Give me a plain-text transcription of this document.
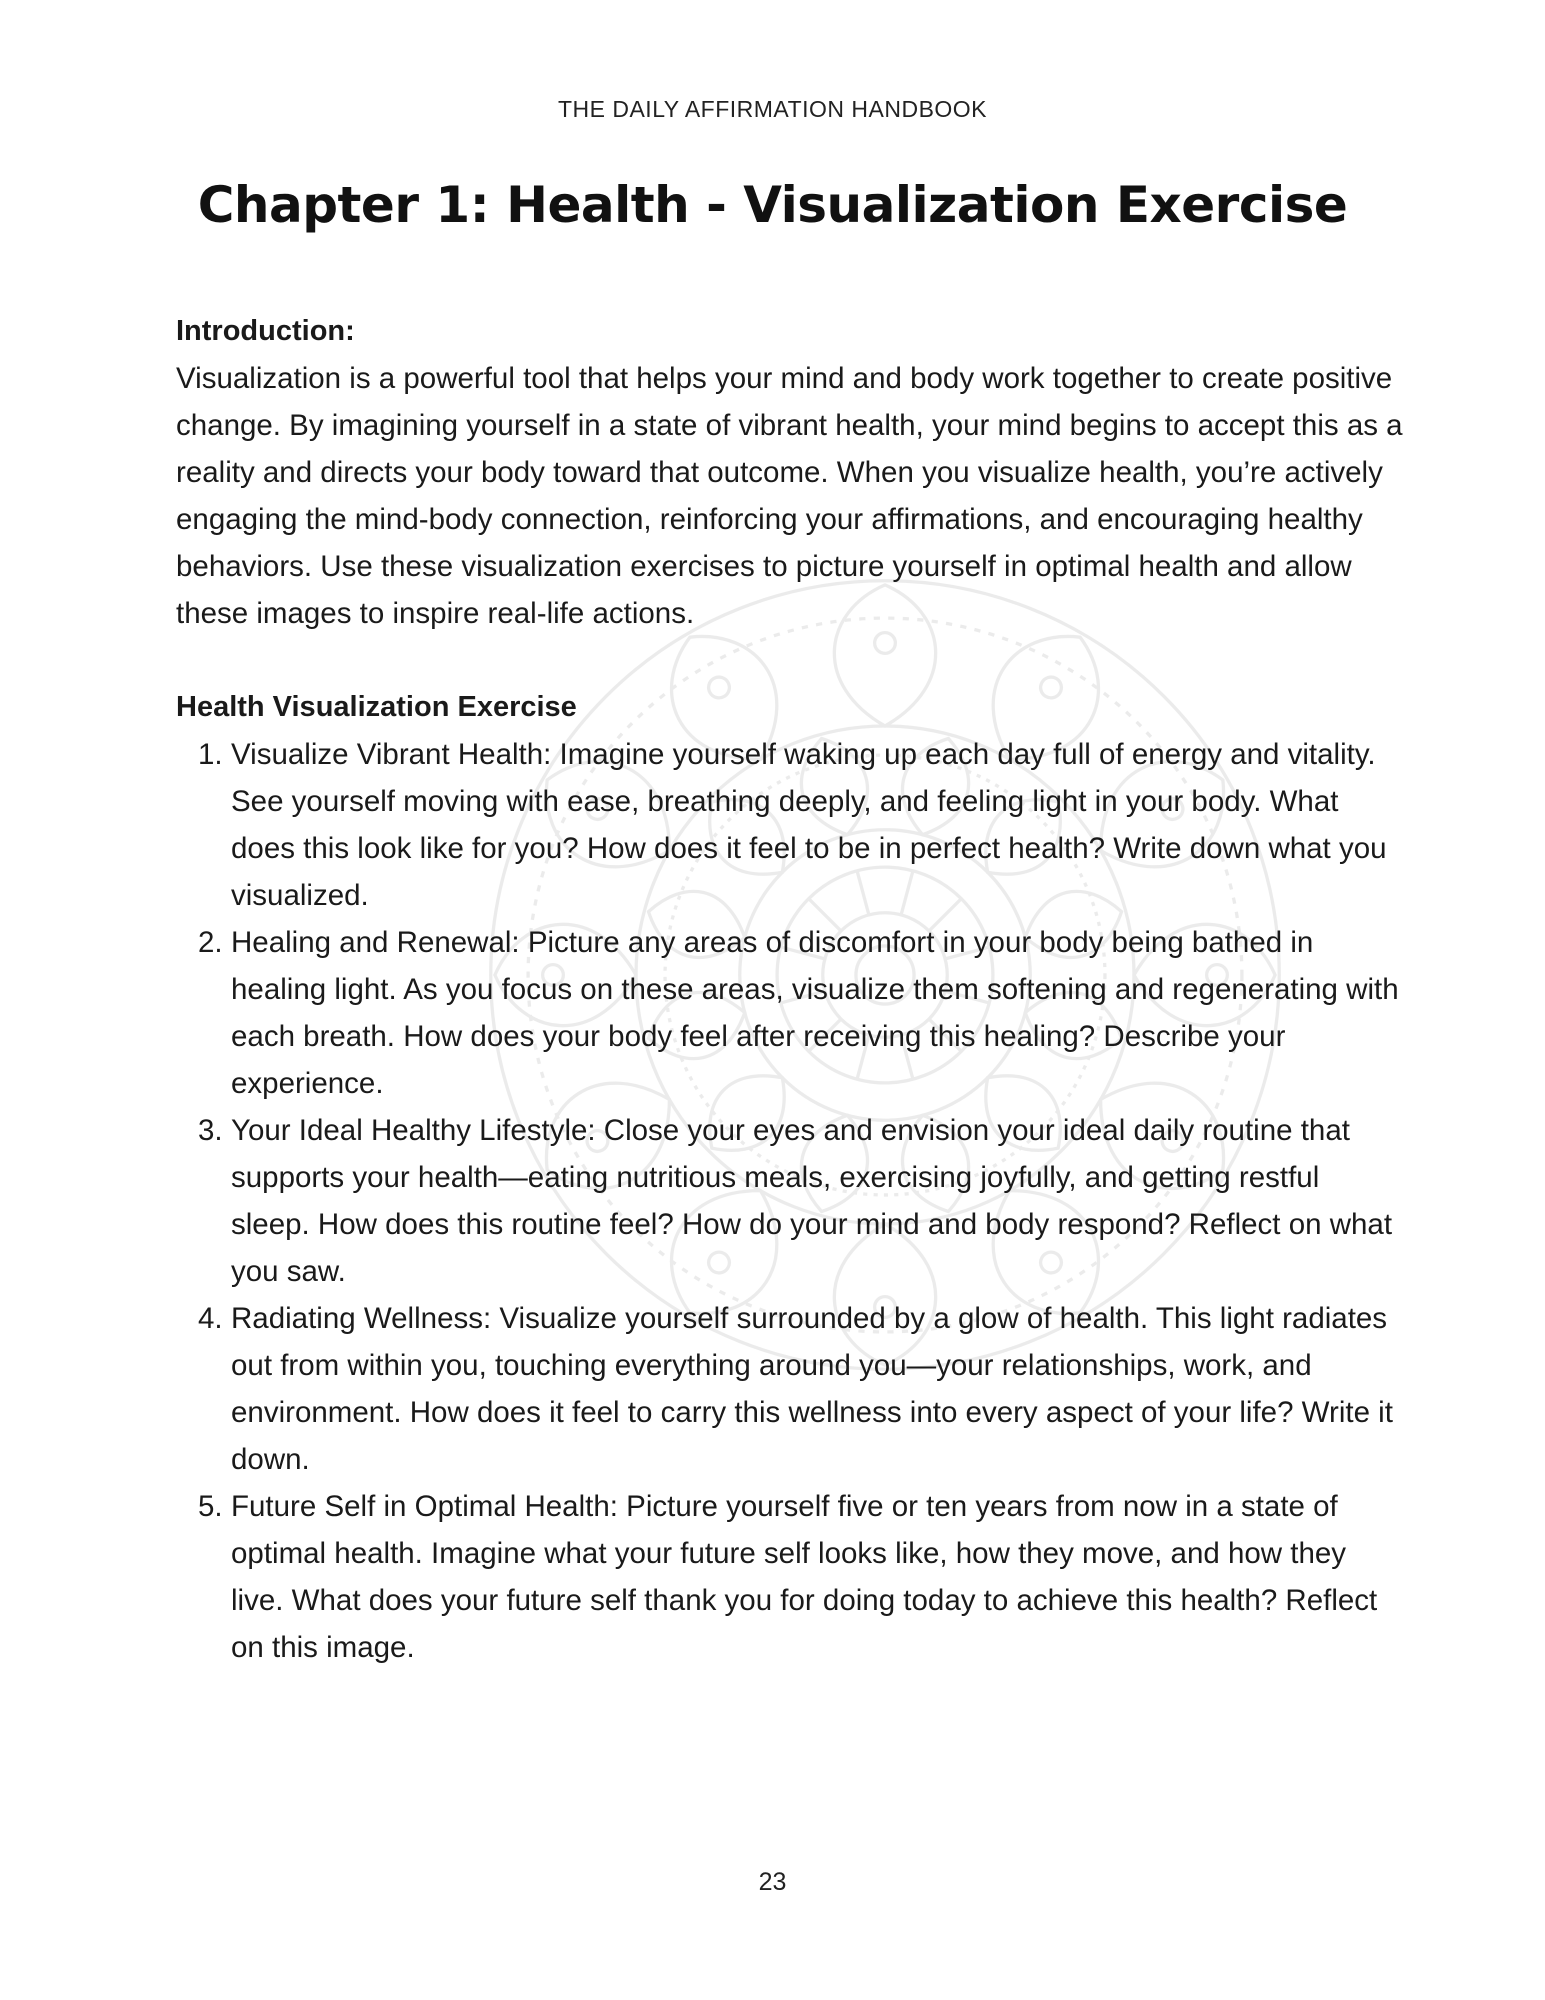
THE DAILY AFFIRMATION HANDBOOK
Chapter 1: Health - Visualization Exercise

Introduction:

Visualization is a powerful tool that helps your mind and body work together to create positive change. By imagining yourself in a state of vibrant health, your mind begins to accept this as a reality and directs your body toward that outcome. When you visualize health, you’re actively engaging the mind-body connection, reinforcing your affirmations, and encouraging healthy behaviors. Use these visualization exercises to picture yourself in optimal health and allow these images to inspire real-life actions.

Health Visualization Exercise

1. Visualize Vibrant Health: Imagine yourself waking up each day full of energy and vitality. See yourself moving with ease, breathing deeply, and feeling light in your body. What does this look like for you? How does it feel to be in perfect health? Write down what you visualized.
2. Healing and Renewal: Picture any areas of discomfort in your body being bathed in healing light. As you focus on these areas, visualize them softening and regenerating with each breath. How does your body feel after receiving this healing? Describe your experience.
3. Your Ideal Healthy Lifestyle: Close your eyes and envision your ideal daily routine that supports your health—eating nutritious meals, exercising joyfully, and getting restful sleep. How does this routine feel? How do your mind and body respond? Reflect on what you saw.
4. Radiating Wellness: Visualize yourself surrounded by a glow of health. This light radiates out from within you, touching everything around you—your relationships, work, and environment. How does it feel to carry this wellness into every aspect of your life? Write it down.
5. Future Self in Optimal Health: Picture yourself five or ten years from now in a state of optimal health. Imagine what your future self looks like, how they move, and how they live. What does your future self thank you for doing today to achieve this health? Reflect on this image.
23
